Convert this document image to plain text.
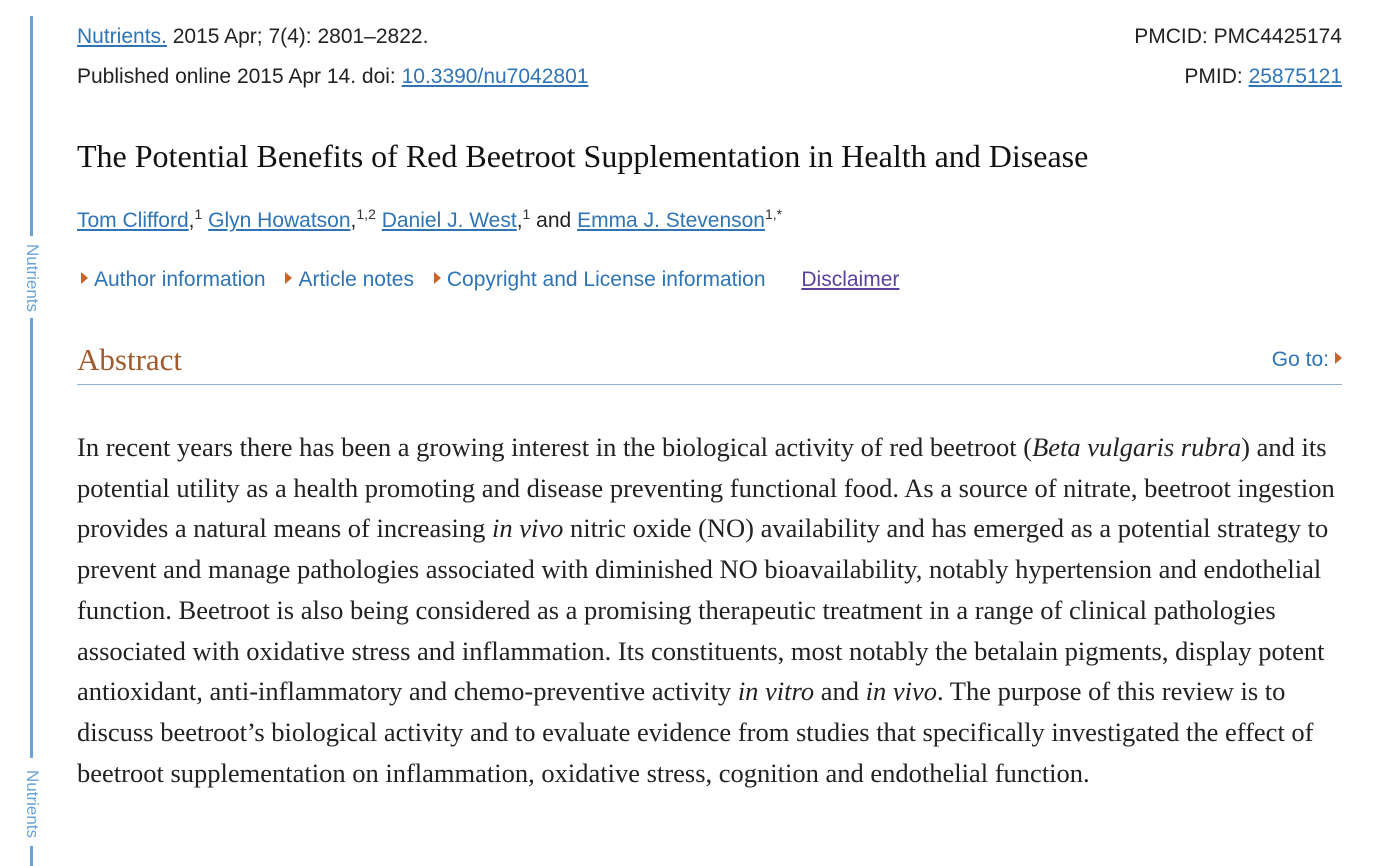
Nutrients
Nutrients
Nutrients. 2015 Apr; 7(4): 2801–2822.	PMCID: PMC4425174
Published online 2015 Apr 14. doi: 10.3390/nu7042801	PMID: 25875121
The Potential Benefits of Red Beetroot Supplementation in Health and Disease
Tom Clifford,$^1$ Glyn Howatson,$^{1,2}$ Daniel J. West,$^1$ and Emma J. Stevenson$^{1,*}$
Author information Article notes Copyright and License information Disclaimer
Abstract	Go to:
In recent years there has been a growing interest in the biological activity of red beetroot (Beta vulgaris rubra) and its potential utility as a health promoting and disease preventing functional food. As a source of nitrate, beetroot ingestion provides a natural means of increasing in vivo nitric oxide (NO) availability and has emerged as a potential strategy to prevent and manage pathologies associated with diminished NO bioavailability, notably hypertension and endothelial function. Beetroot is also being considered as a promising therapeutic treatment in a range of clinical pathologies associated with oxidative stress and inflammation. Its constituents, most notably the betalain pigments, display potent antioxidant, anti-inflammatory and chemo-preventive activity in vitro and in vivo. The purpose of this review is to discuss beetroot’s biological activity and to evaluate evidence from studies that specifically investigated the effect of beetroot supplementation on inflammation, oxidative stress, cognition and endothelial function.
